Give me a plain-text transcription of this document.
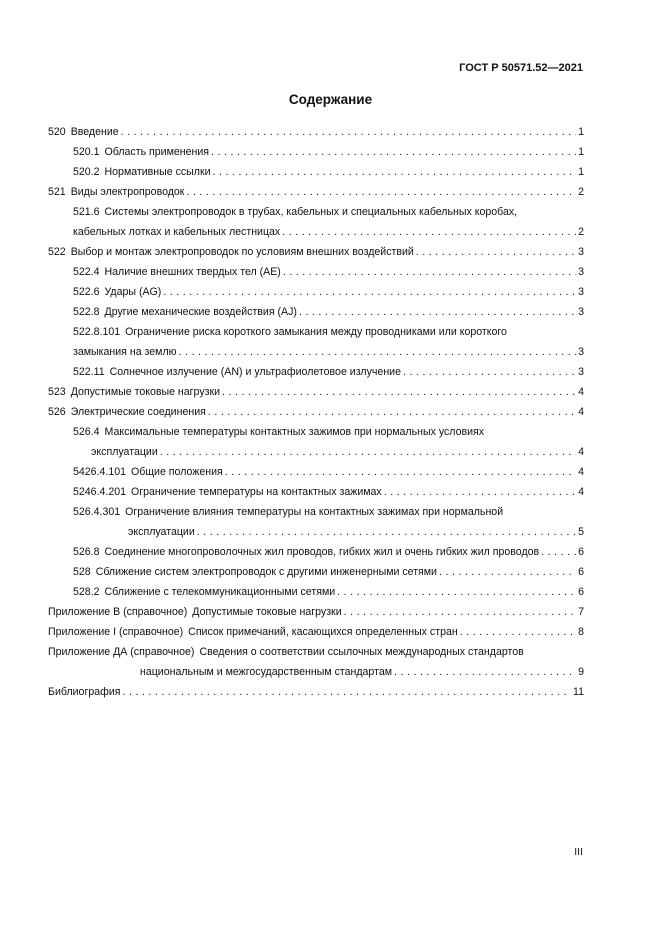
ГОСТ Р 50571.52—2021
Содержание
520 Введение . . .	1
520.1 Область применения . . .	1
520.2 Нормативные ссылки . . .	1
521 Виды электропроводок . . .	2
521.6 Системы электропроводок в трубах, кабельных и специальных кабельных коробах,
кабельных лотках и кабельных лестницах . . .	2
522 Выбор и монтаж электропроводок по условиям внешних воздействий . . .	3
522.4 Наличие внешних твердых тел (AE) . . .	3
522.6 Удары (AG) . . .	3
522.8 Другие механические воздействия (AJ) . . .	3
522.8.101 Ограничение риска короткого замыкания между проводниками или короткого
замыкания на землю . . .	3
522.11 Солнечное излучение (AN) и ультрафиолетовое излучение . . .	3
523 Допустимые токовые нагрузки . . .	4
526 Электрические соединения . . .	4
526.4 Максимальные температуры контактных зажимов при нормальных условиях
эксплуатации . . .	4
5426.4.101 Общие положения . . .	4
5246.4.201 Ограничение температуры на контактных зажимах . . .	4
526.4.301 Ограничение влияния температуры на контактных зажимах при нормальной
эксплуатации . . .	5
526.8 Соединение многопроволочных жил проводов, гибких жил и очень гибких жил проводов . . .	6
528 Сближение систем электропроводок с другими инженерными сетями . . .	6
528.2 Сближение с телекоммуникационными сетями . . .	6
Приложение В (справочное) Допустимые токовые нагрузки . . .	7
Приложение I (справочное) Список примечаний, касающихся определенных стран . . .	8
Приложение ДА (справочное) Сведения о соответствии ссылочных международных стандартов
национальным и межгосударственным стандартам . . .	9
Библиография . . .	11
III
